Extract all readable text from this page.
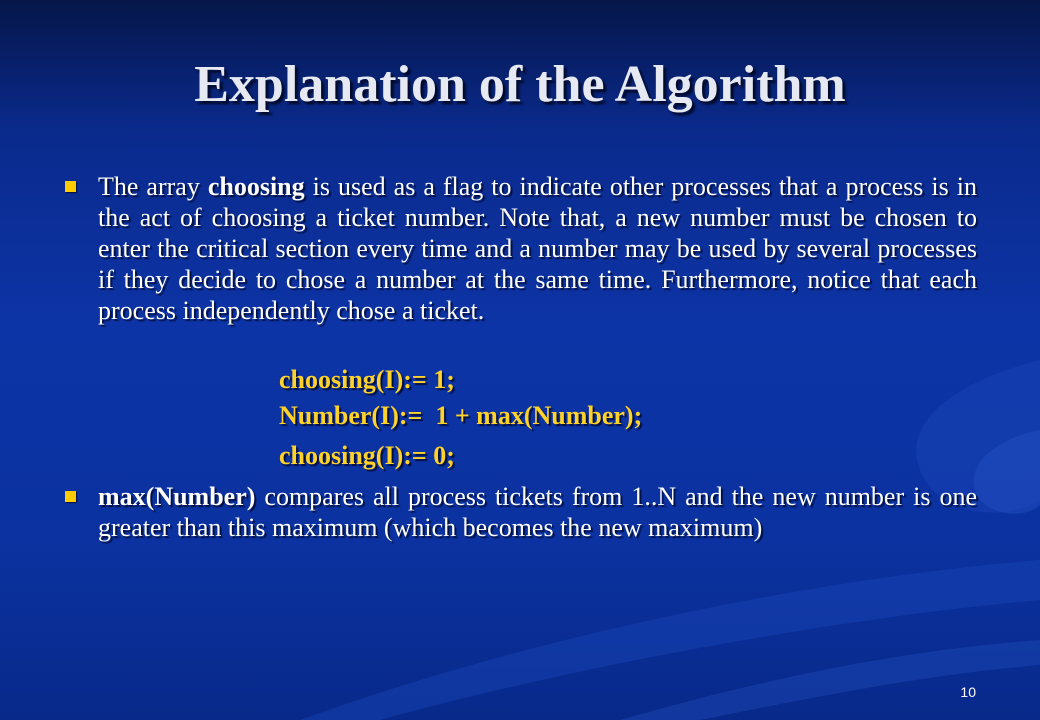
Explanation of the Algorithm

The array choosing is used as a flag to indicate other processes that a process is in the act of choosing a ticket number. Note that, a new number must be chosen to enter the critical section every time and a number may be used by several processes if they decide to chose a number at the same time. Furthermore, notice that each process independently chose a ticket.

choosing(I):= 1;

Number(I):=  1 + max(Number);

choosing(I):= 0;

max(Number) compares all process tickets from 1..N and the new number is one greater than this maximum (which becomes the new maximum)

10
